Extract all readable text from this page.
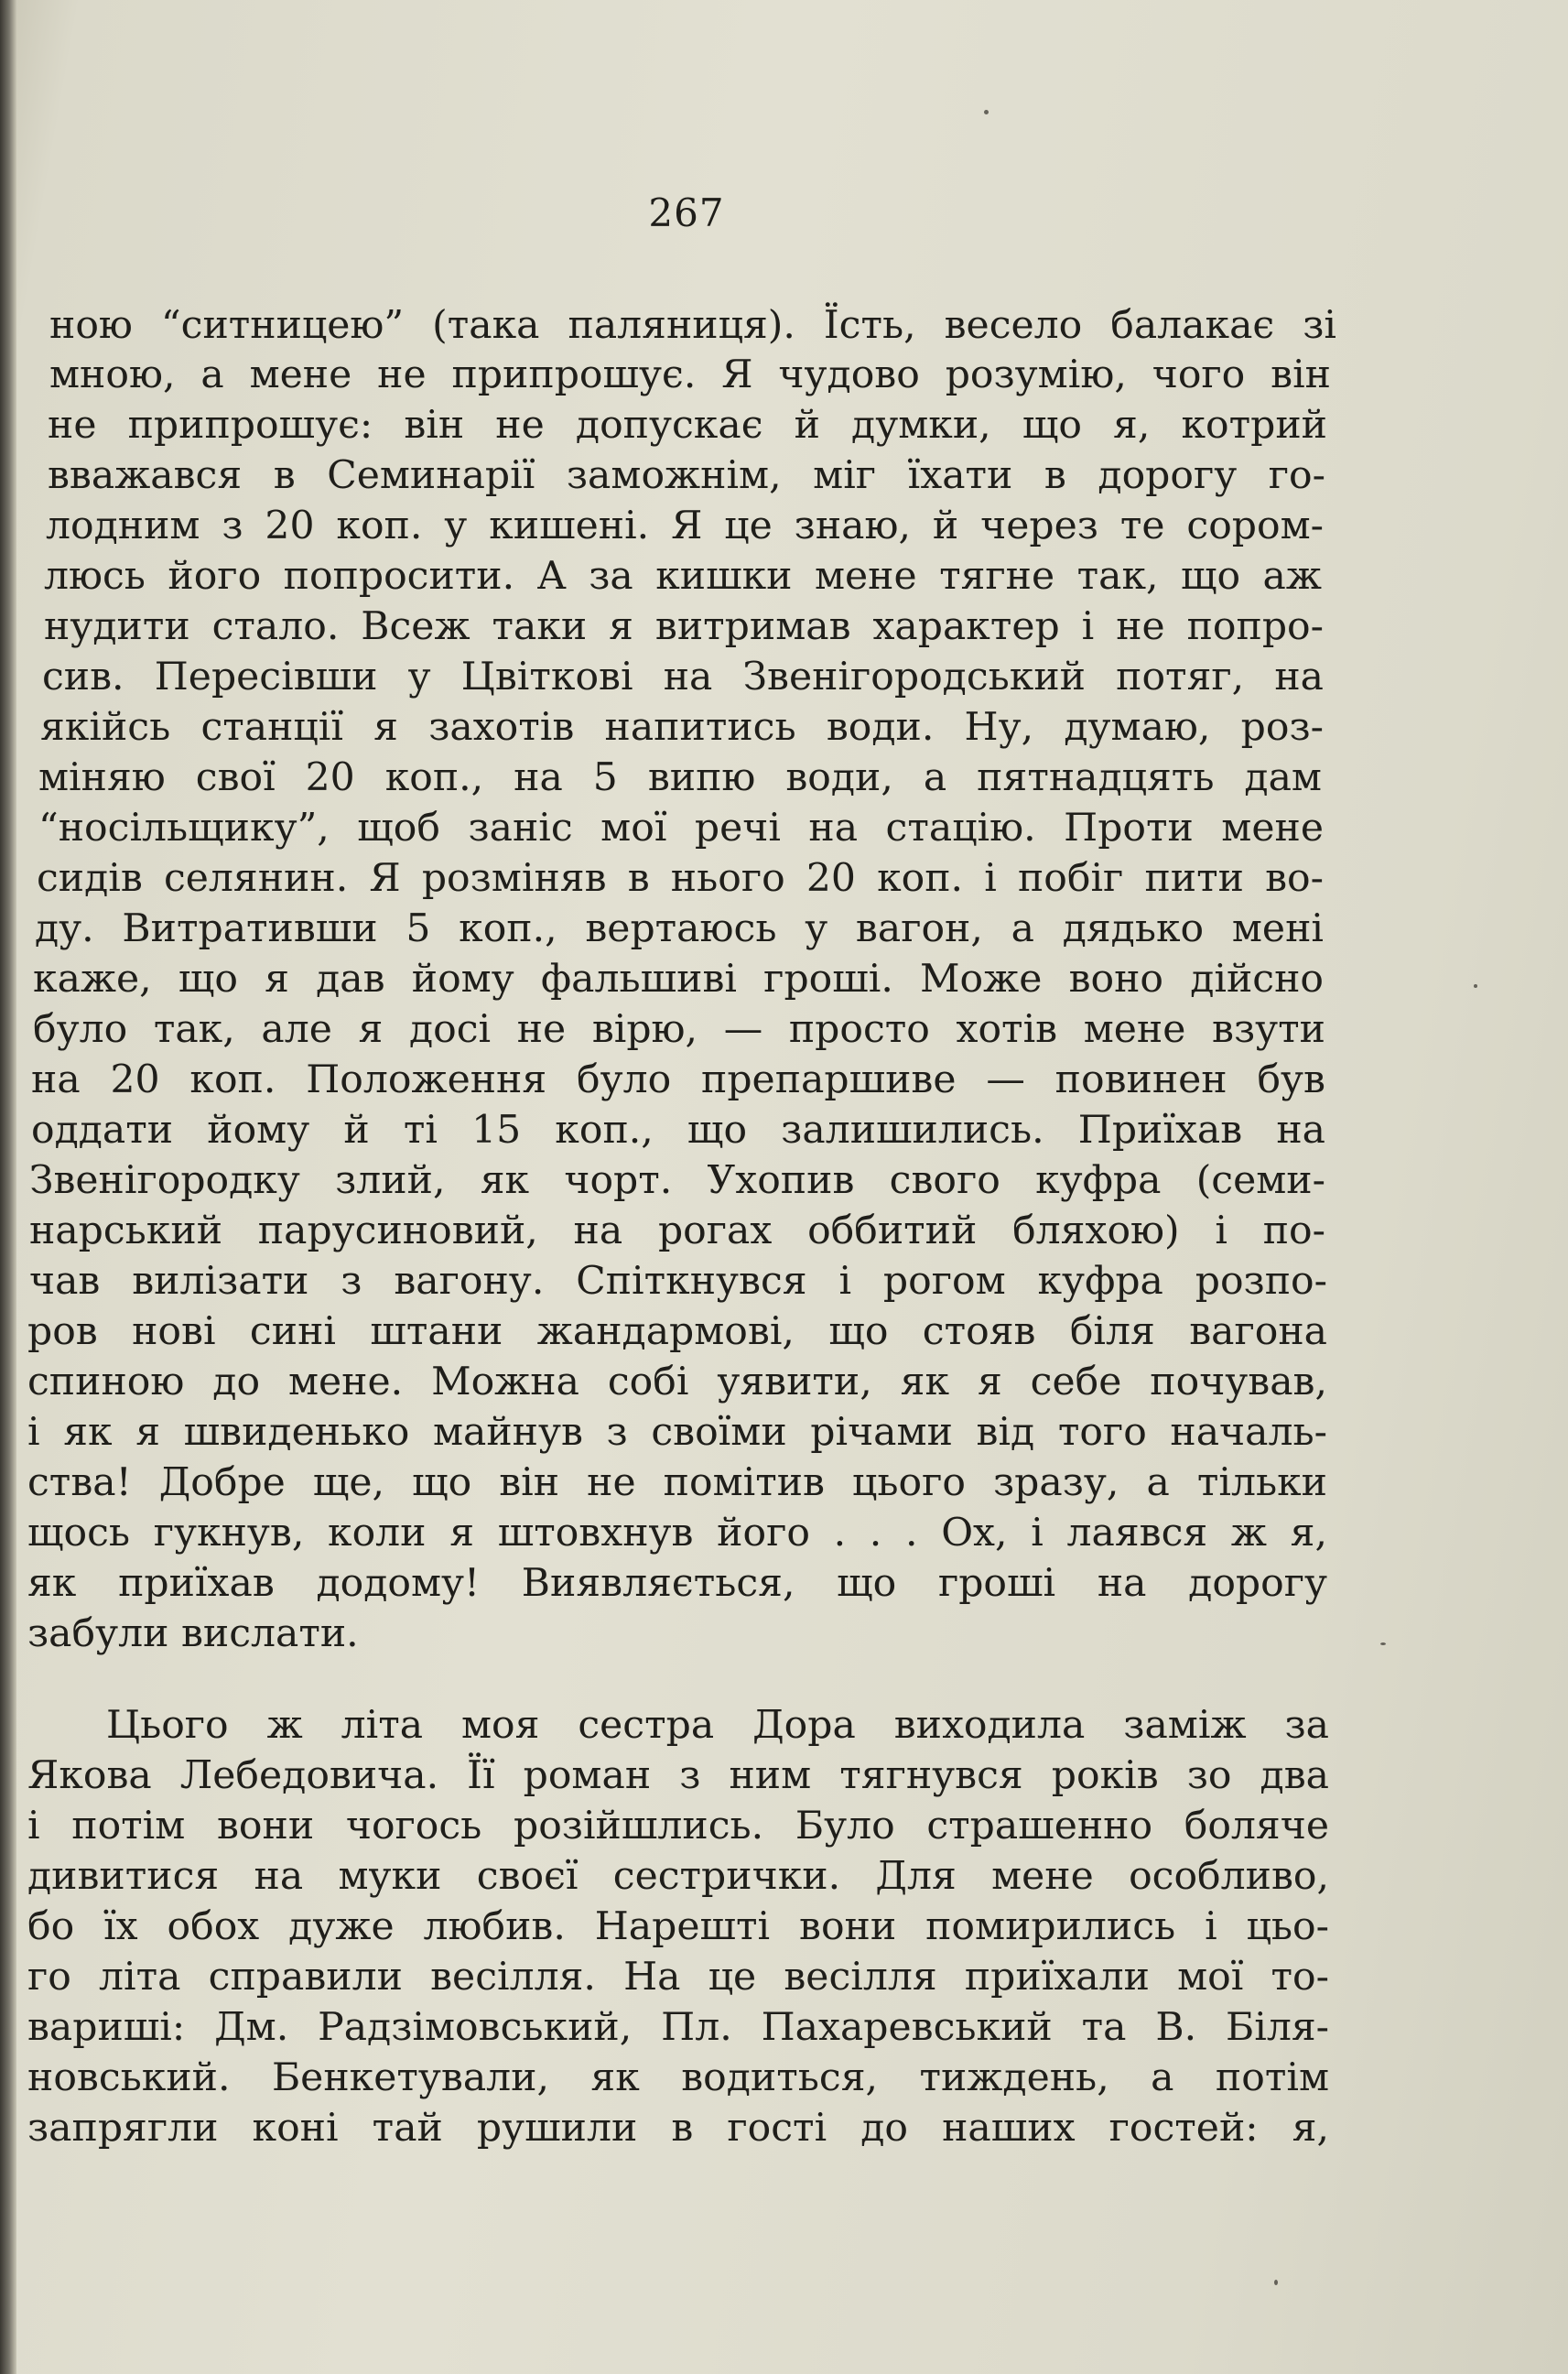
267
ною “ситницею” (така паляниця). Їсть, весело балакає зі
мною, а мене не припрошує. Я чудово розумію, чого він
не припрошує: він не допускає й думки, що я, котрий
вважався в Семинарії заможнім, міг їхати в дорогу го-
лодним з 20 коп. у кишені. Я це знаю, й через те сором-
люсь його попросити. А за кишки мене тягне так, що аж
нудити стало. Всеж таки я витримав характер і не попро-
сив. Пересівши у Цвіткові на Звенігородський потяг, на
якійсь станції я захотів напитись води. Ну, думаю, роз-
міняю свої 20 коп., на 5 випю води, а пятнадцять дам
“носільщику”, щоб заніс мої речі на стацію. Проти мене
сидів селянин. Я розміняв в нього 20 коп. і побіг пити во-
ду. Витративши 5 коп., вертаюсь у вагон, а дядько мені
каже, що я дав йому фальшиві гроші. Може воно дійсно
було так, але я досі не вірю, — просто хотів мене взути
на 20 коп. Положення було препаршиве — повинен був
оддати йому й ті 15 коп., що залишились. Приїхав на
Звенігородку злий, як чорт. Ухопив свого куфра (семи-
нарський парусиновий, на рогах оббитий бляхою) і по-
чав вилізати з вагону. Спіткнувся і рогом куфра розпо-
ров нові сині штани жандармові, що стояв біля вагона
спиною до мене. Можна собі уявити, як я себе почував,
і як я швиденько майнув з своїми річами від того началь-
ства! Добре ще, що він не помітив цього зразу, а тільки
щось гукнув, коли я штовхнув його . . . Ох, і лаявся ж я,
як приїхав додому! Виявляється, що гроші на дорогу
забули вислати.
Цього ж літа моя сестра Дора виходила заміж за
Якова Лебедовича. Її роман з ним тягнувся років зо два
і потім вони чогось розійшлись. Було страшенно боляче
дивитися на муки своєї сестрички. Для мене особливо,
бо їх обох дуже любив. Нарешті вони помирились і цьо-
го літа справили весілля. На це весілля приїхали мої то-
вариші: Дм. Радзімовський, Пл. Пахаревський та В. Біля-
новський. Бенкетували, як водиться, тиждень, а потім
запрягли коні тай рушили в гості до наших гостей: я,
